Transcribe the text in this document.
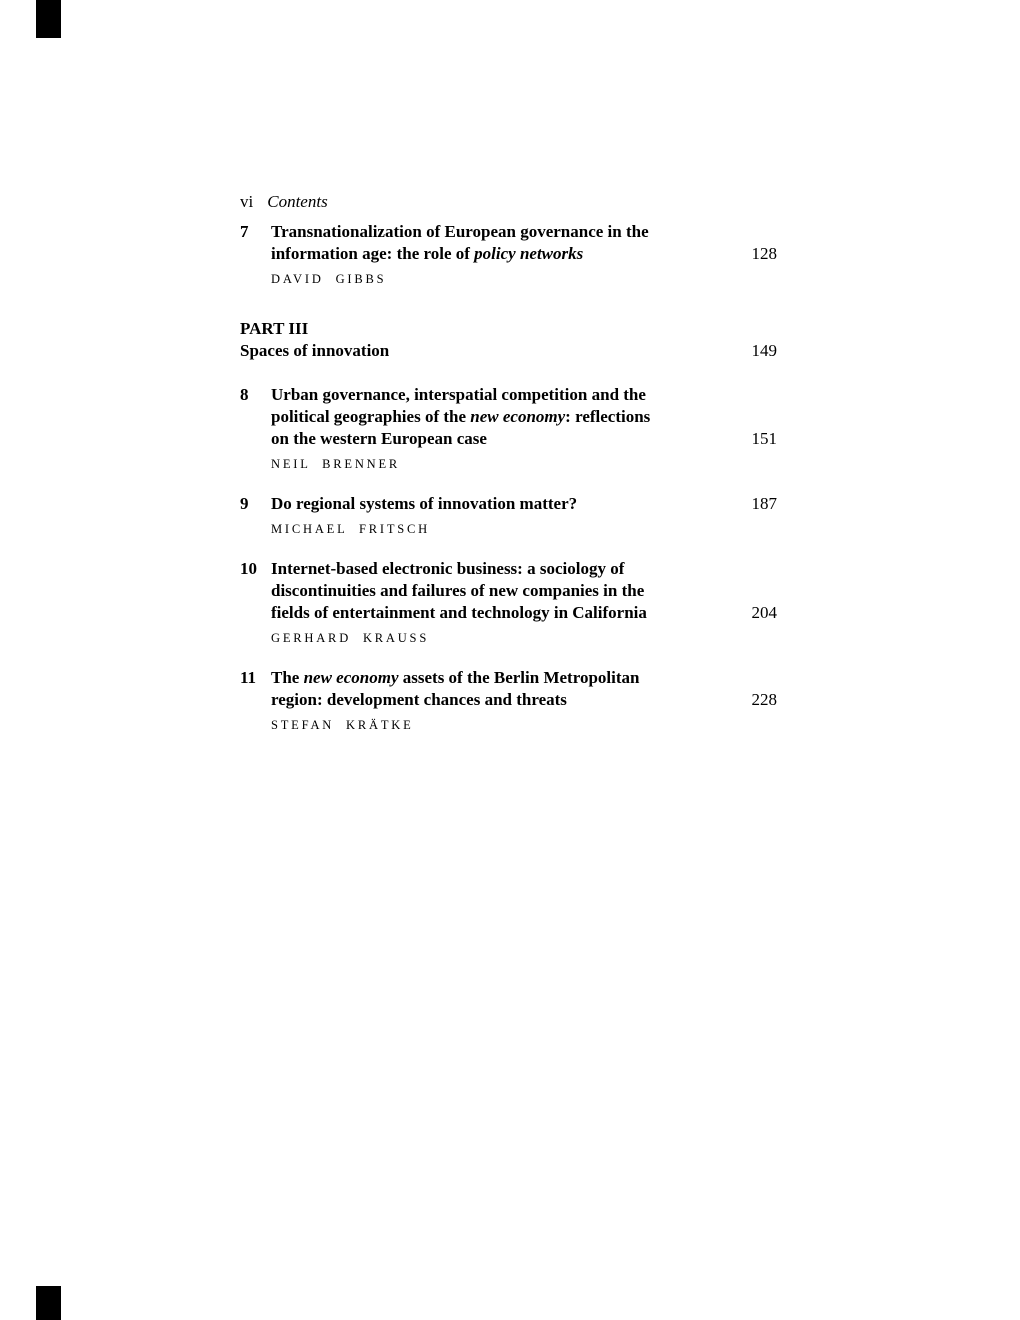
vi Contents
7 Transnationalization of European governance in the
information age: the role of policy networks	128
DAVID GIBBS
PART III
Spaces of innovation	149
8 Urban governance, interspatial competition and the
political geographies of the new economy: reflections
on the western European case	151
NEIL BRENNER
9 Do regional systems of innovation matter?	187
MICHAEL FRITSCH
10 Internet-based electronic business: a sociology of
discontinuities and failures of new companies in the
fields of entertainment and technology in California	204
GERHARD KRAUSS
11 The new economy assets of the Berlin Metropolitan
region: development chances and threats	228
STEFAN KRÄTKE
